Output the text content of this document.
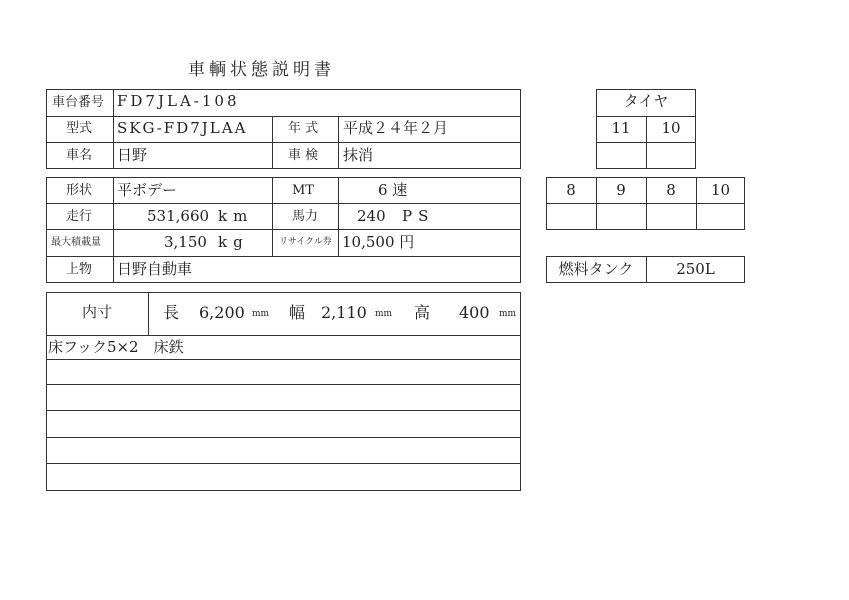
車輌状態説明書
車台番号 FD7JLA-108
型式 SKG-FD7JLAA	年 式 平成２４年２月
車名 日野	車 検 抹消
形状 平ボデー	MT	6 速
走行	531,660 km	馬力	240 PS
最大積載量	3,150 kg	リサイクル券 10,500 円
上物 日野自動車
内寸	長 6,200 mm 幅 2,110 mm 高 400 mm
床フック5×2　床鉄
タイヤ
11	10
8	9	8	10
燃料タンク	250L
